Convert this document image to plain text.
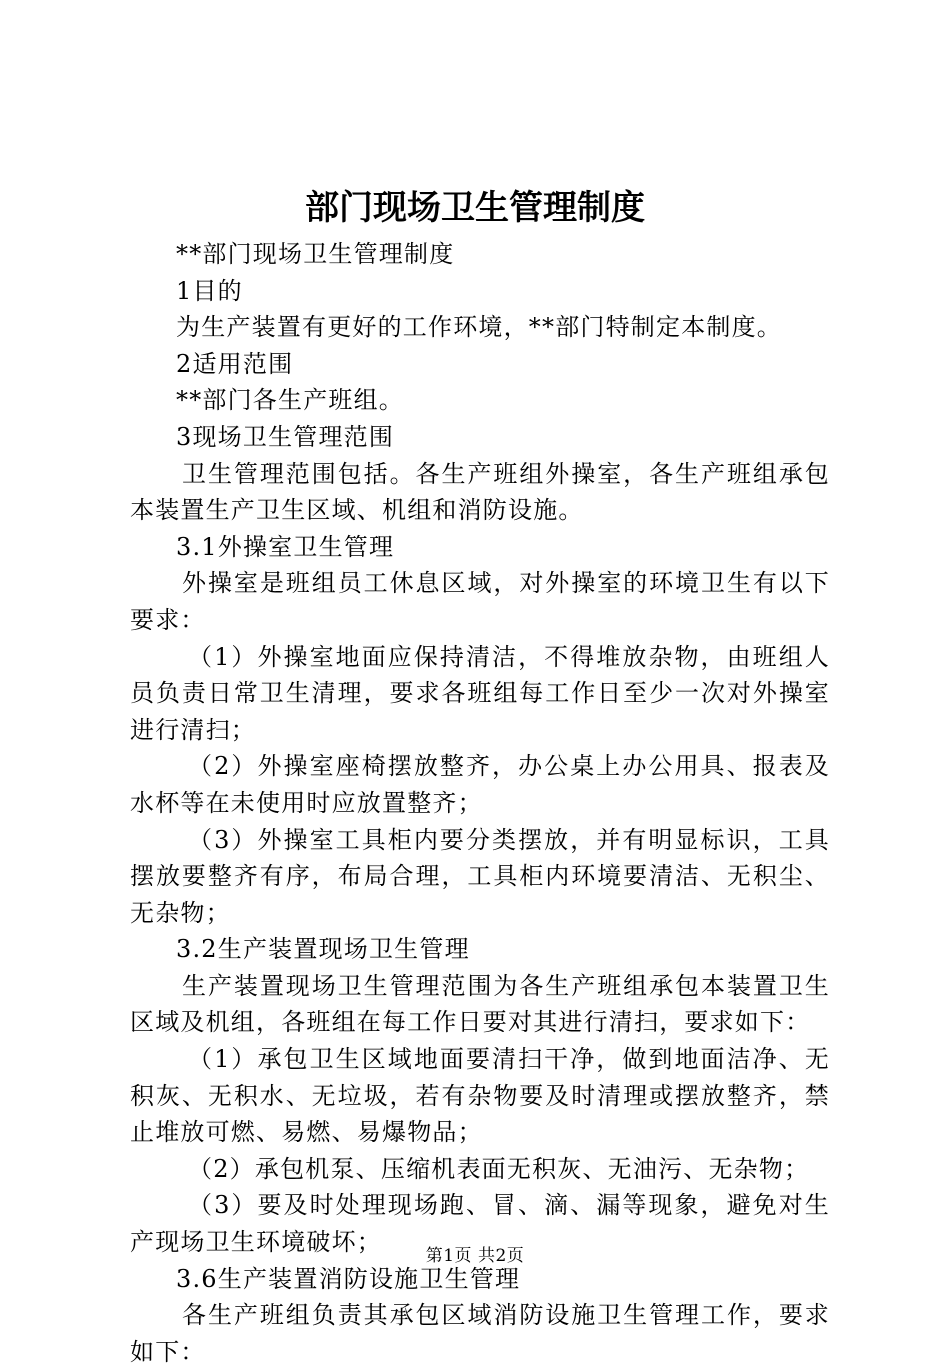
部门现场卫生管理制度

**部门现场卫生管理制度

1目的

为生产装置有更好的工作环境，**部门特制定本制度。

2适用范围

**部门各生产班组。

3现场卫生管理范围

卫生管理范围包括。各生产班组外操室，各生产班组承包本装置生产卫生区域、机组和消防设施。

3.1外操室卫生管理

外操室是班组员工休息区域，对外操室的环境卫生有以下要求：

（1）外操室地面应保持清洁，不得堆放杂物，由班组人员负责日常卫生清理，要求各班组每工作日至少一次对外操室进行清扫；

（2）外操室座椅摆放整齐，办公桌上办公用具、报表及水杯等在未使用时应放置整齐；

（3）外操室工具柜内要分类摆放，并有明显标识，工具摆放要整齐有序，布局合理，工具柜内环境要清洁、无积尘、无杂物；

3.2生产装置现场卫生管理

生产装置现场卫生管理范围为各生产班组承包本装置卫生区域及机组，各班组在每工作日要对其进行清扫，要求如下：

（1）承包卫生区域地面要清扫干净，做到地面洁净、无积灰、无积水、无垃圾，若有杂物要及时清理或摆放整齐，禁止堆放可燃、易燃、易爆物品；

（2）承包机泵、压缩机表面无积灰、无油污、无杂物；

（3）要及时处理现场跑、冒、滴、漏等现象，避免对生产现场卫生环境破坏；

3.6生产装置消防设施卫生管理

各生产班组负责其承包区域消防设施卫生管理工作，要求如下：

第1页 共2页
